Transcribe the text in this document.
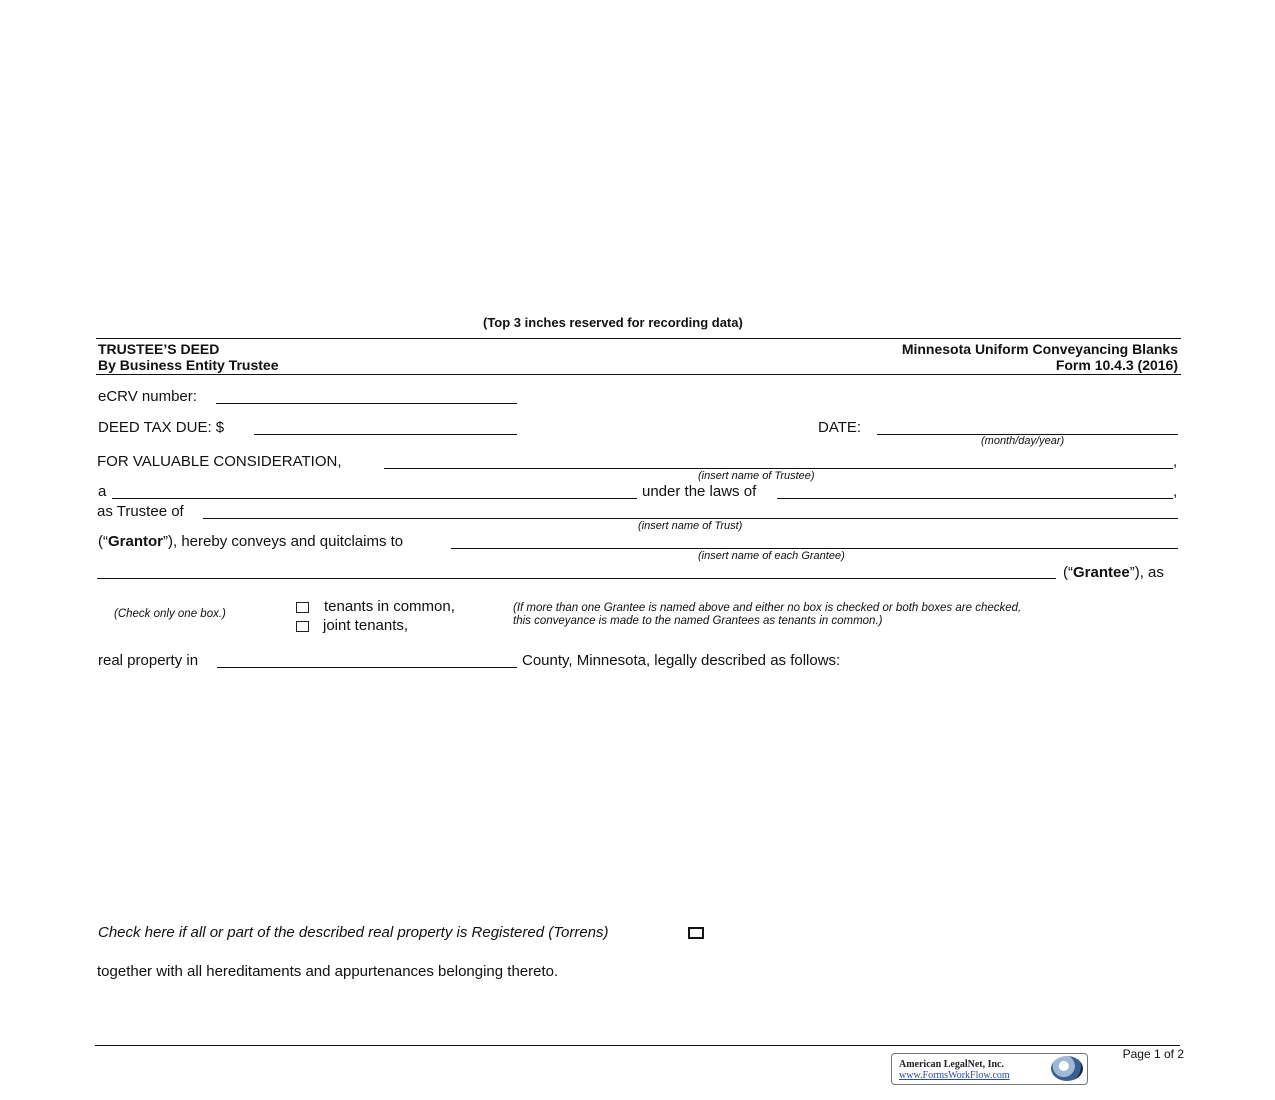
(Top 3 inches reserved for recording data)
TRUSTEE’S DEED
By Business Entity Trustee
Minnesota Uniform Conveyancing Blanks
Form 10.4.3 (2016)
eCRV number:
DEED TAX DUE: $	DATE:
(month/day/year)
FOR VALUABLE CONSIDERATION,	,
(insert name of Trustee)
a	under the laws of	,
as Trustee of
(insert name of Trust)
(“Grantor”), hereby conveys and quitclaims to
(insert name of each Grantee)
(“Grantee”), as
(Check only one box.)	tenants in common,
joint tenants,
(If more than one Grantee is named above and either no box is checked or both boxes are checked,
this conveyance is made to the named Grantees as tenants in common.)
real property in	County, Minnesota, legally described as follows:
Check here if all or part of the described real property is Registered (Torrens)
together with all hereditaments and appurtenances belonging thereto.
Page 1 of 2
American LegalNet, Inc.
www.FormsWorkFlow.com
